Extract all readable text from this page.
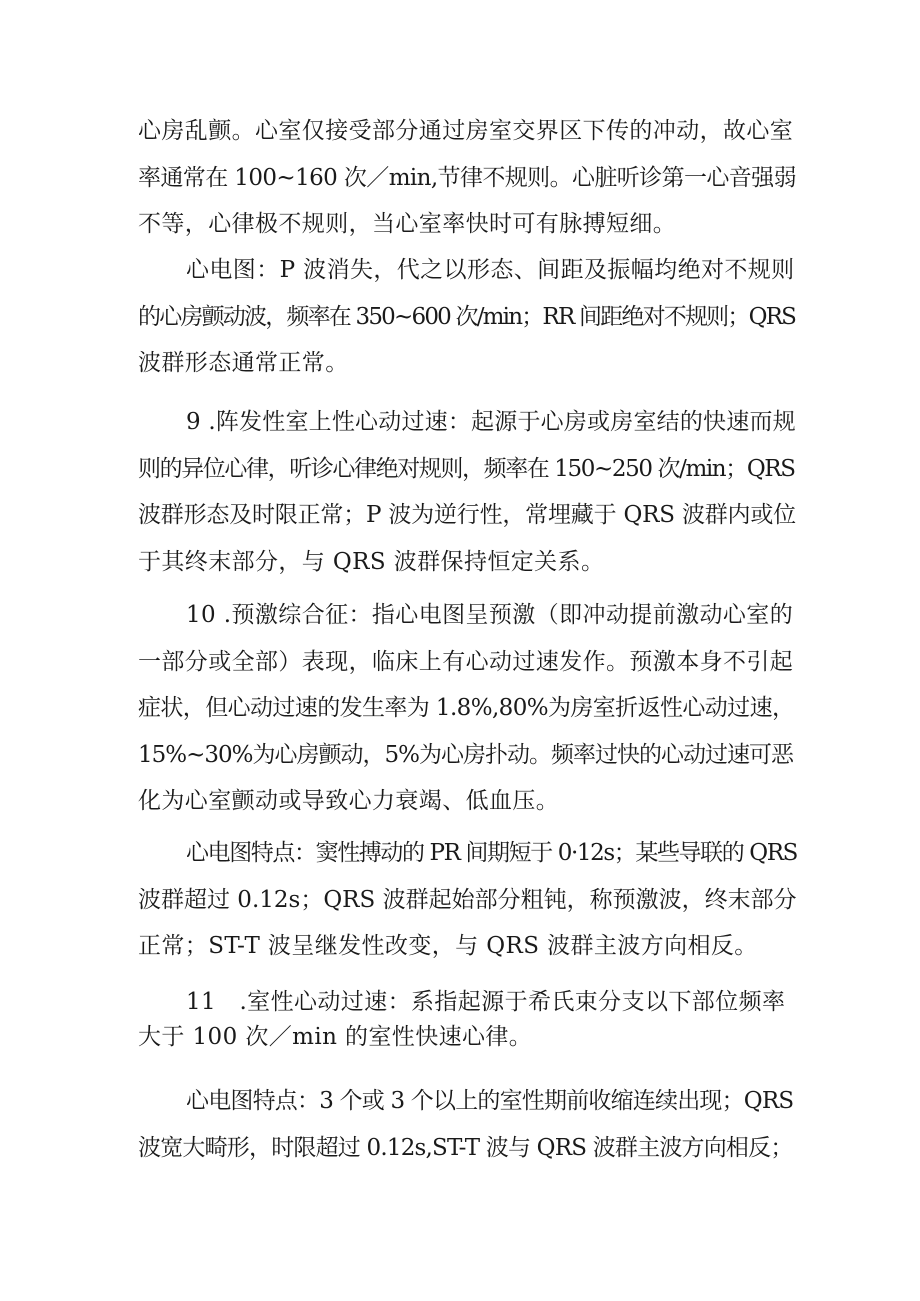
心房乱颤。心室仅接受部分通过房室交界区下传的冲动，故心室
率通常在 100~160 次／min,节律不规则。心脏听诊第一心音强弱
不等，心律极不规则，当心室率快时可有脉搏短细。
心电图：P 波消失，代之以形态、间距及振幅均绝对不规则
的心房颤动波，频率在 350~600 次/min；RR 间距绝对不规则；QRS
波群形态通常正常。
9 .阵发性室上性心动过速：起源于心房或房室结的快速而规
则的异位心律，听诊心律绝对规则，频率在 150~250 次/min；QRS
波群形态及时限正常；P 波为逆行性，常埋藏于 QRS 波群内或位
于其终末部分，与 QRS 波群保持恒定关系。
10 .预激综合征：指心电图呈预激（即冲动提前激动心室的
一部分或全部）表现，临床上有心动过速发作。预激本身不引起
症状，但心动过速的发生率为 1.8%,80%为房室折返性心动过速，
15%~30%为心房颤动，5%为心房扑动。频率过快的心动过速可恶
化为心室颤动或导致心力衰竭、低血压。
心电图特点：窦性搏动的 PR 间期短于 0·12s；某些导联的 QRS
波群超过 0.12s；QRS 波群起始部分粗钝，称预激波，终末部分
正常；ST-T 波呈继发性改变，与 QRS 波群主波方向相反。
11　.室性心动过速：系指起源于希氏束分支以下部位频率
大于 100 次／min 的室性快速心律。
心电图特点：3 个或 3 个以上的室性期前收缩连续出现；QRS
波宽大畸形，时限超过 0.12s,ST-T 波与 QRS 波群主波方向相反；
